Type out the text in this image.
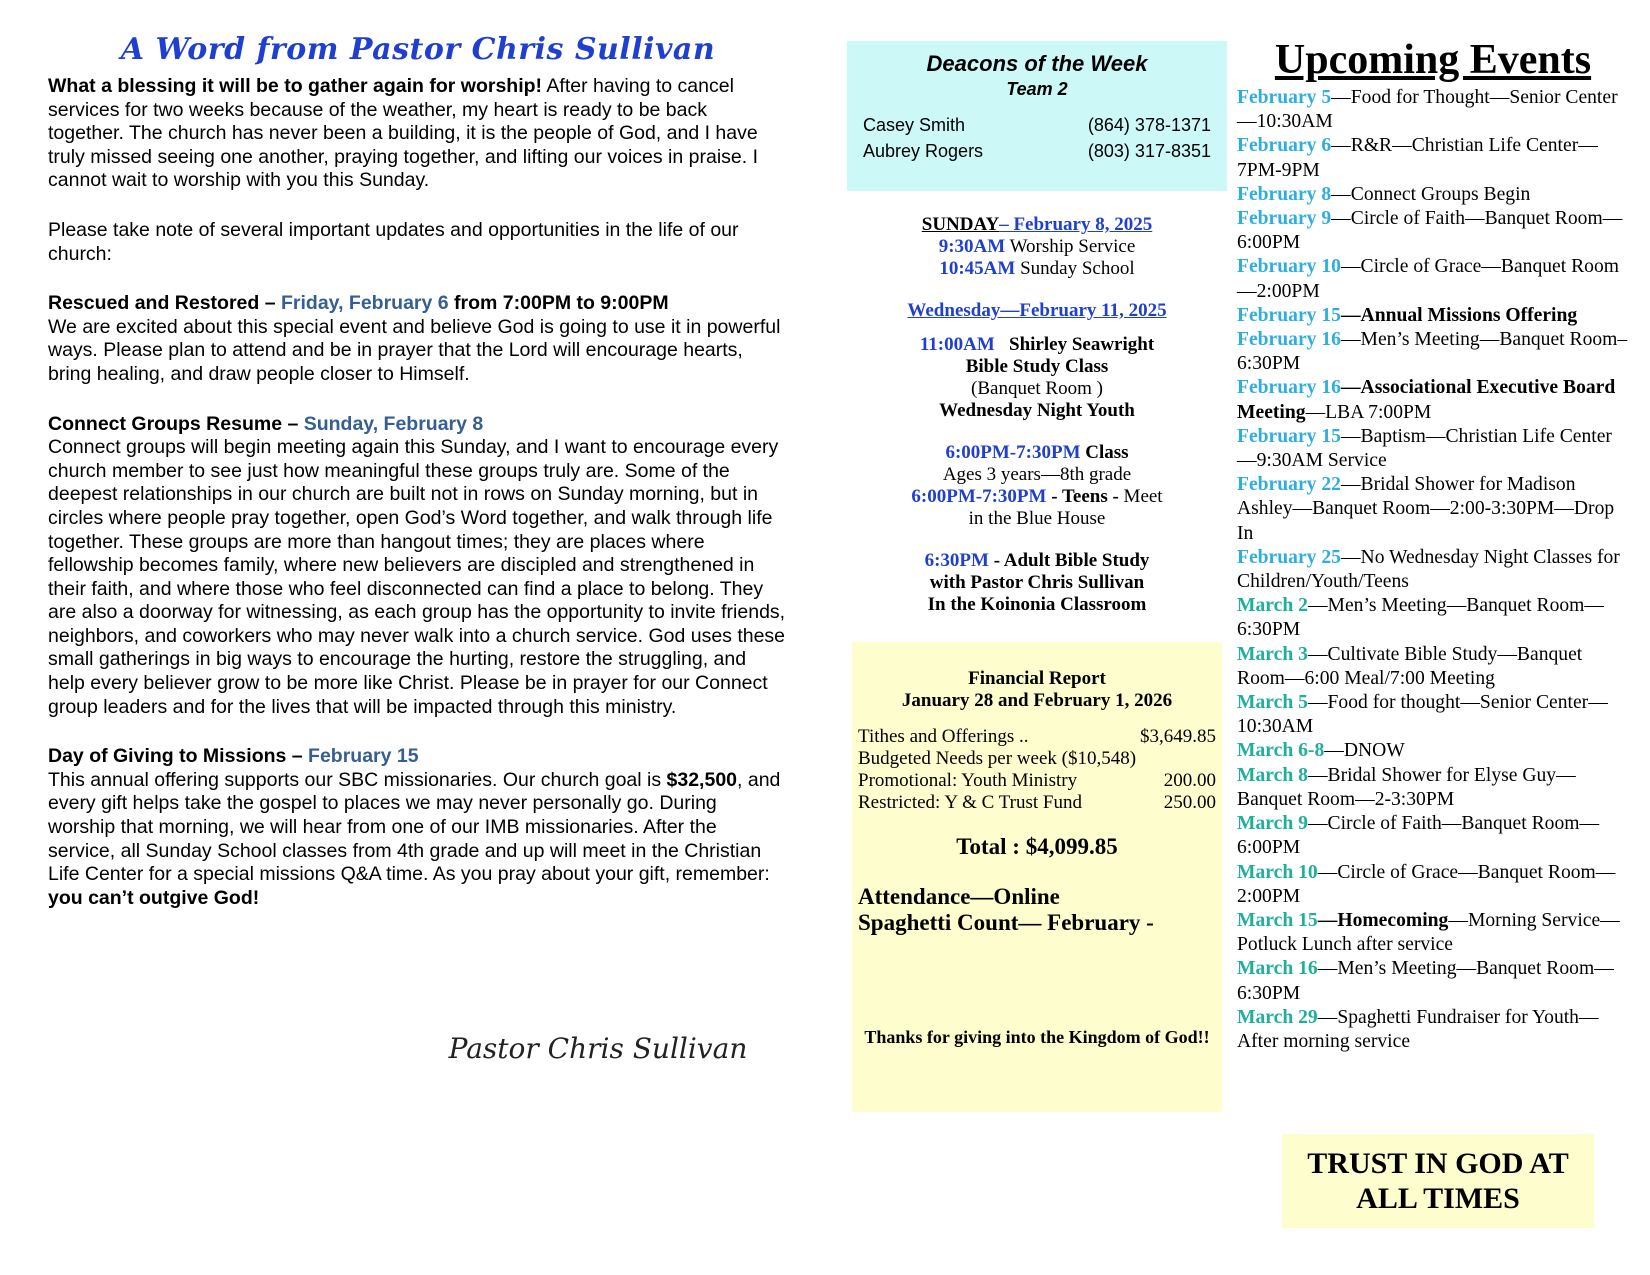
A Word from Pastor Chris Sullivan

What a blessing it will be to gather again for worship! After having to cancel services for two weeks because of the weather, my heart is ready to be back together. The church has never been a building, it is the people of God, and I have truly missed seeing one another, praying together, and lifting our voices in praise. I cannot wait to worship with you this Sunday.

Please take note of several important updates and opportunities in the life of our church:

Rescued and Restored – Friday, February 6 from 7:00PM to 9:00PM
We are excited about this special event and believe God is going to use it in powerful ways. Please plan to attend and be in prayer that the Lord will encourage hearts, bring healing, and draw people closer to Himself.

Connect Groups Resume – Sunday, February 8
Connect groups will begin meeting again this Sunday, and I want to encourage every church member to see just how meaningful these groups truly are. Some of the deepest relationships in our church are built not in rows on Sunday morning, but in circles where people pray together, open God’s Word together, and walk through life together. These groups are more than hangout times; they are places where fellowship becomes family, where new believers are discipled and strengthened in their faith, and where those who feel disconnected can find a place to belong. They are also a doorway for witnessing, as each group has the opportunity to invite friends, neighbors, and coworkers who may never walk into a church service. God uses these small gatherings in big ways to encourage the hurting, restore the struggling, and help every believer grow to be more like Christ. Please be in prayer for our Connect group leaders and for the lives that will be impacted through this ministry.

Day of Giving to Missions – February 15
This annual offering supports our SBC missionaries. Our church goal is $32,500, and every gift helps take the gospel to places we may never personally go. During worship that morning, we will hear from one of our IMB missionaries. After the service, all Sunday School classes from 4th grade and up will meet in the Christian Life Center for a special missions Q&A time. As you pray about your gift, remember: you can’t outgive God!

Pastor Chris Sullivan
Deacons of the Week
Team 2
Casey Smith	(864) 378-1371
Aubrey Rogers	(803) 317-8351
SUNDAY– February 8, 2025
9:30AM Worship Service
10:45AM Sunday School
Wednesday—February 11, 2025
11:00AM   Shirley Seawright
Bible Study Class
(Banquet Room )
Wednesday Night Youth
6:00PM-7:30PM Class
Ages 3 years—8th grade
6:00PM-7:30PM - Teens - Meet
in the Blue House
6:30PM - Adult Bible Study
with Pastor Chris Sullivan
In the Koinonia Classroom
Financial Report
January 28 and February 1, 2026
Tithes and Offerings ..	$3,649.85
Budgeted Needs per week ($10,548)
Promotional: Youth Ministry	200.00
Restricted: Y & C Trust Fund	250.00
Total : $4,099.85
Attendance—Online
Spaghetti Count— February -
Thanks for giving into the Kingdom of God!!
Upcoming Events
February 5—Food for Thought—Senior Center—10:30AM
February 6—R&R—Christian Life Center—7PM-9PM
February 8—Connect Groups Begin
February 9—Circle of Faith—Banquet Room—6:00PM
February 10—Circle of Grace—Banquet Room—2:00PM
February 15—Annual Missions Offering
February 16—Men’s Meeting—Banquet Room– 6:30PM
February 16—Associational Executive Board Meeting—LBA 7:00PM
February 15—Baptism—Christian Life Center—9:30AM Service
February 22—Bridal Shower for Madison Ashley—Banquet Room—2:00-3:30PM—Drop In
February 25—No Wednesday Night Classes for Children/Youth/Teens
March 2—Men’s Meeting—Banquet Room—6:30PM
March 3—Cultivate Bible Study—Banquet Room—6:00 Meal/7:00 Meeting
March 5—Food for thought—Senior Center—10:30AM
March 6-8—DNOW
March 8—Bridal Shower for Elyse Guy—Banquet Room—2-3:30PM
March 9—Circle of Faith—Banquet Room—6:00PM
March 10—Circle of Grace—Banquet Room—2:00PM
March 15—Homecoming—Morning Service—Potluck Lunch after service
March 16—Men’s Meeting—Banquet Room—6:30PM
March 29—Spaghetti Fundraiser for Youth—After morning service
TRUST IN GOD AT ALL TIMES
